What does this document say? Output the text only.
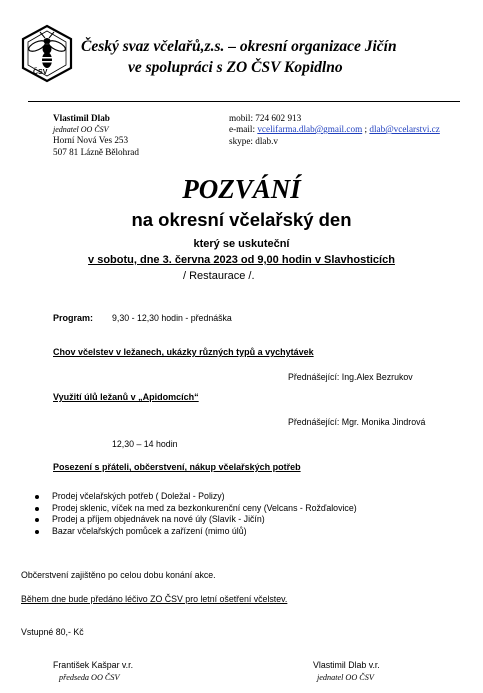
ČSV
Český svaz včelařů,z.s. – okresní organizace Jičín
ve spolupráci s ZO ČSV Kopidlno
Vlastimil Dlab
jednatel OO ČSV
Horní Nová Ves 253
507 81 Lázně Bělohrad
mobil: 724 602 913
e-mail: vcelifarma.dlab@gmail.com ; dlab@vcelarstvi.cz
skype: dlab.v
POZVÁNÍ
na okresní včelařský den
který se uskuteční
v sobotu, dne 3. června 2023 od 9,00 hodin v Slavhosticích
/ Restaurace /.
Program: 9,30 - 12,30 hodin - přednáška
Chov včelstev v ležanech, ukázky různých typů a vychytávek
Přednášející: Ing.Alex Bezrukov
Využití úlů ležanů v „Apidomcích“
Přednášející: Mgr. Monika Jindrová
12,30 – 14 hodin
Posezení s přáteli, občerstvení, nákup včelařských potřeb
Prodej včelařských potřeb ( Doležal - Polizy)
Prodej sklenic, víček na med za bezkonkurenční ceny (Velcans - Rožďalovice)
Prodej a příjem objednávek na nové úly (Slavík - Jičín)
Bazar včelařských pomůcek a zařízení (mimo úlů)
Občerstvení zajištěno po celou dobu konání akce.
Během dne bude předáno léčivo ZO ČSV pro letní ošetření včelstev.
Vstupné 80,- Kč
František Kašpar v.r.
předseda OO ČSV
Vlastimil Dlab v.r.
jednatel OO ČSV
